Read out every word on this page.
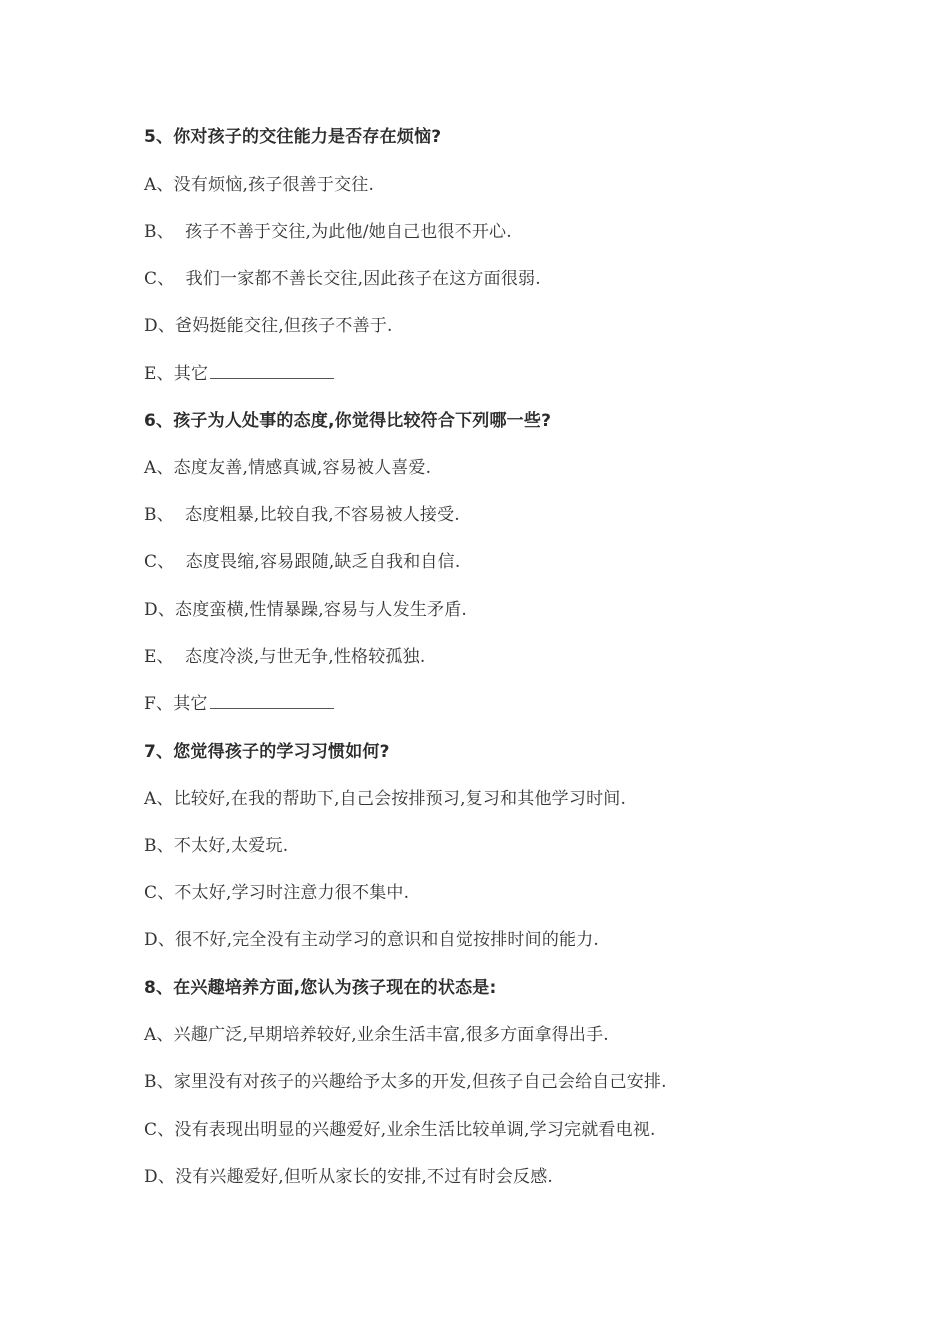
5、你对孩子的交往能力是否存在烦恼?
A、没有烦恼,孩子很善于交往.
B、  孩子不善于交往,为此他/她自己也很不开心.
C、  我们一家都不善长交往,因此孩子在这方面很弱.
D、爸妈挺能交往,但孩子不善于.
E、其它
6、孩子为人处事的态度,你觉得比较符合下列哪一些?
A、态度友善,情感真诚,容易被人喜爱.
B、  态度粗暴,比较自我,不容易被人接受.
C、  态度畏缩,容易跟随,缺乏自我和自信.
D、态度蛮横,性情暴躁,容易与人发生矛盾.
E、  态度冷淡,与世无争,性格较孤独.
F、其它
7、您觉得孩子的学习习惯如何?
A、比较好,在我的帮助下,自己会按排预习,复习和其他学习时间.
B、不太好,太爱玩.
C、不太好,学习时注意力很不集中.
D、很不好,完全没有主动学习的意识和自觉按排时间的能力.
8、在兴趣培养方面,您认为孩子现在的状态是:
A、兴趣广泛,早期培养较好,业余生活丰富,很多方面拿得出手.
B、家里没有对孩子的兴趣给予太多的开发,但孩子自己会给自己安排.
C、没有表现出明显的兴趣爱好,业余生活比较单调,学习完就看电视.
D、没有兴趣爱好,但听从家长的安排,不过有时会反感.
